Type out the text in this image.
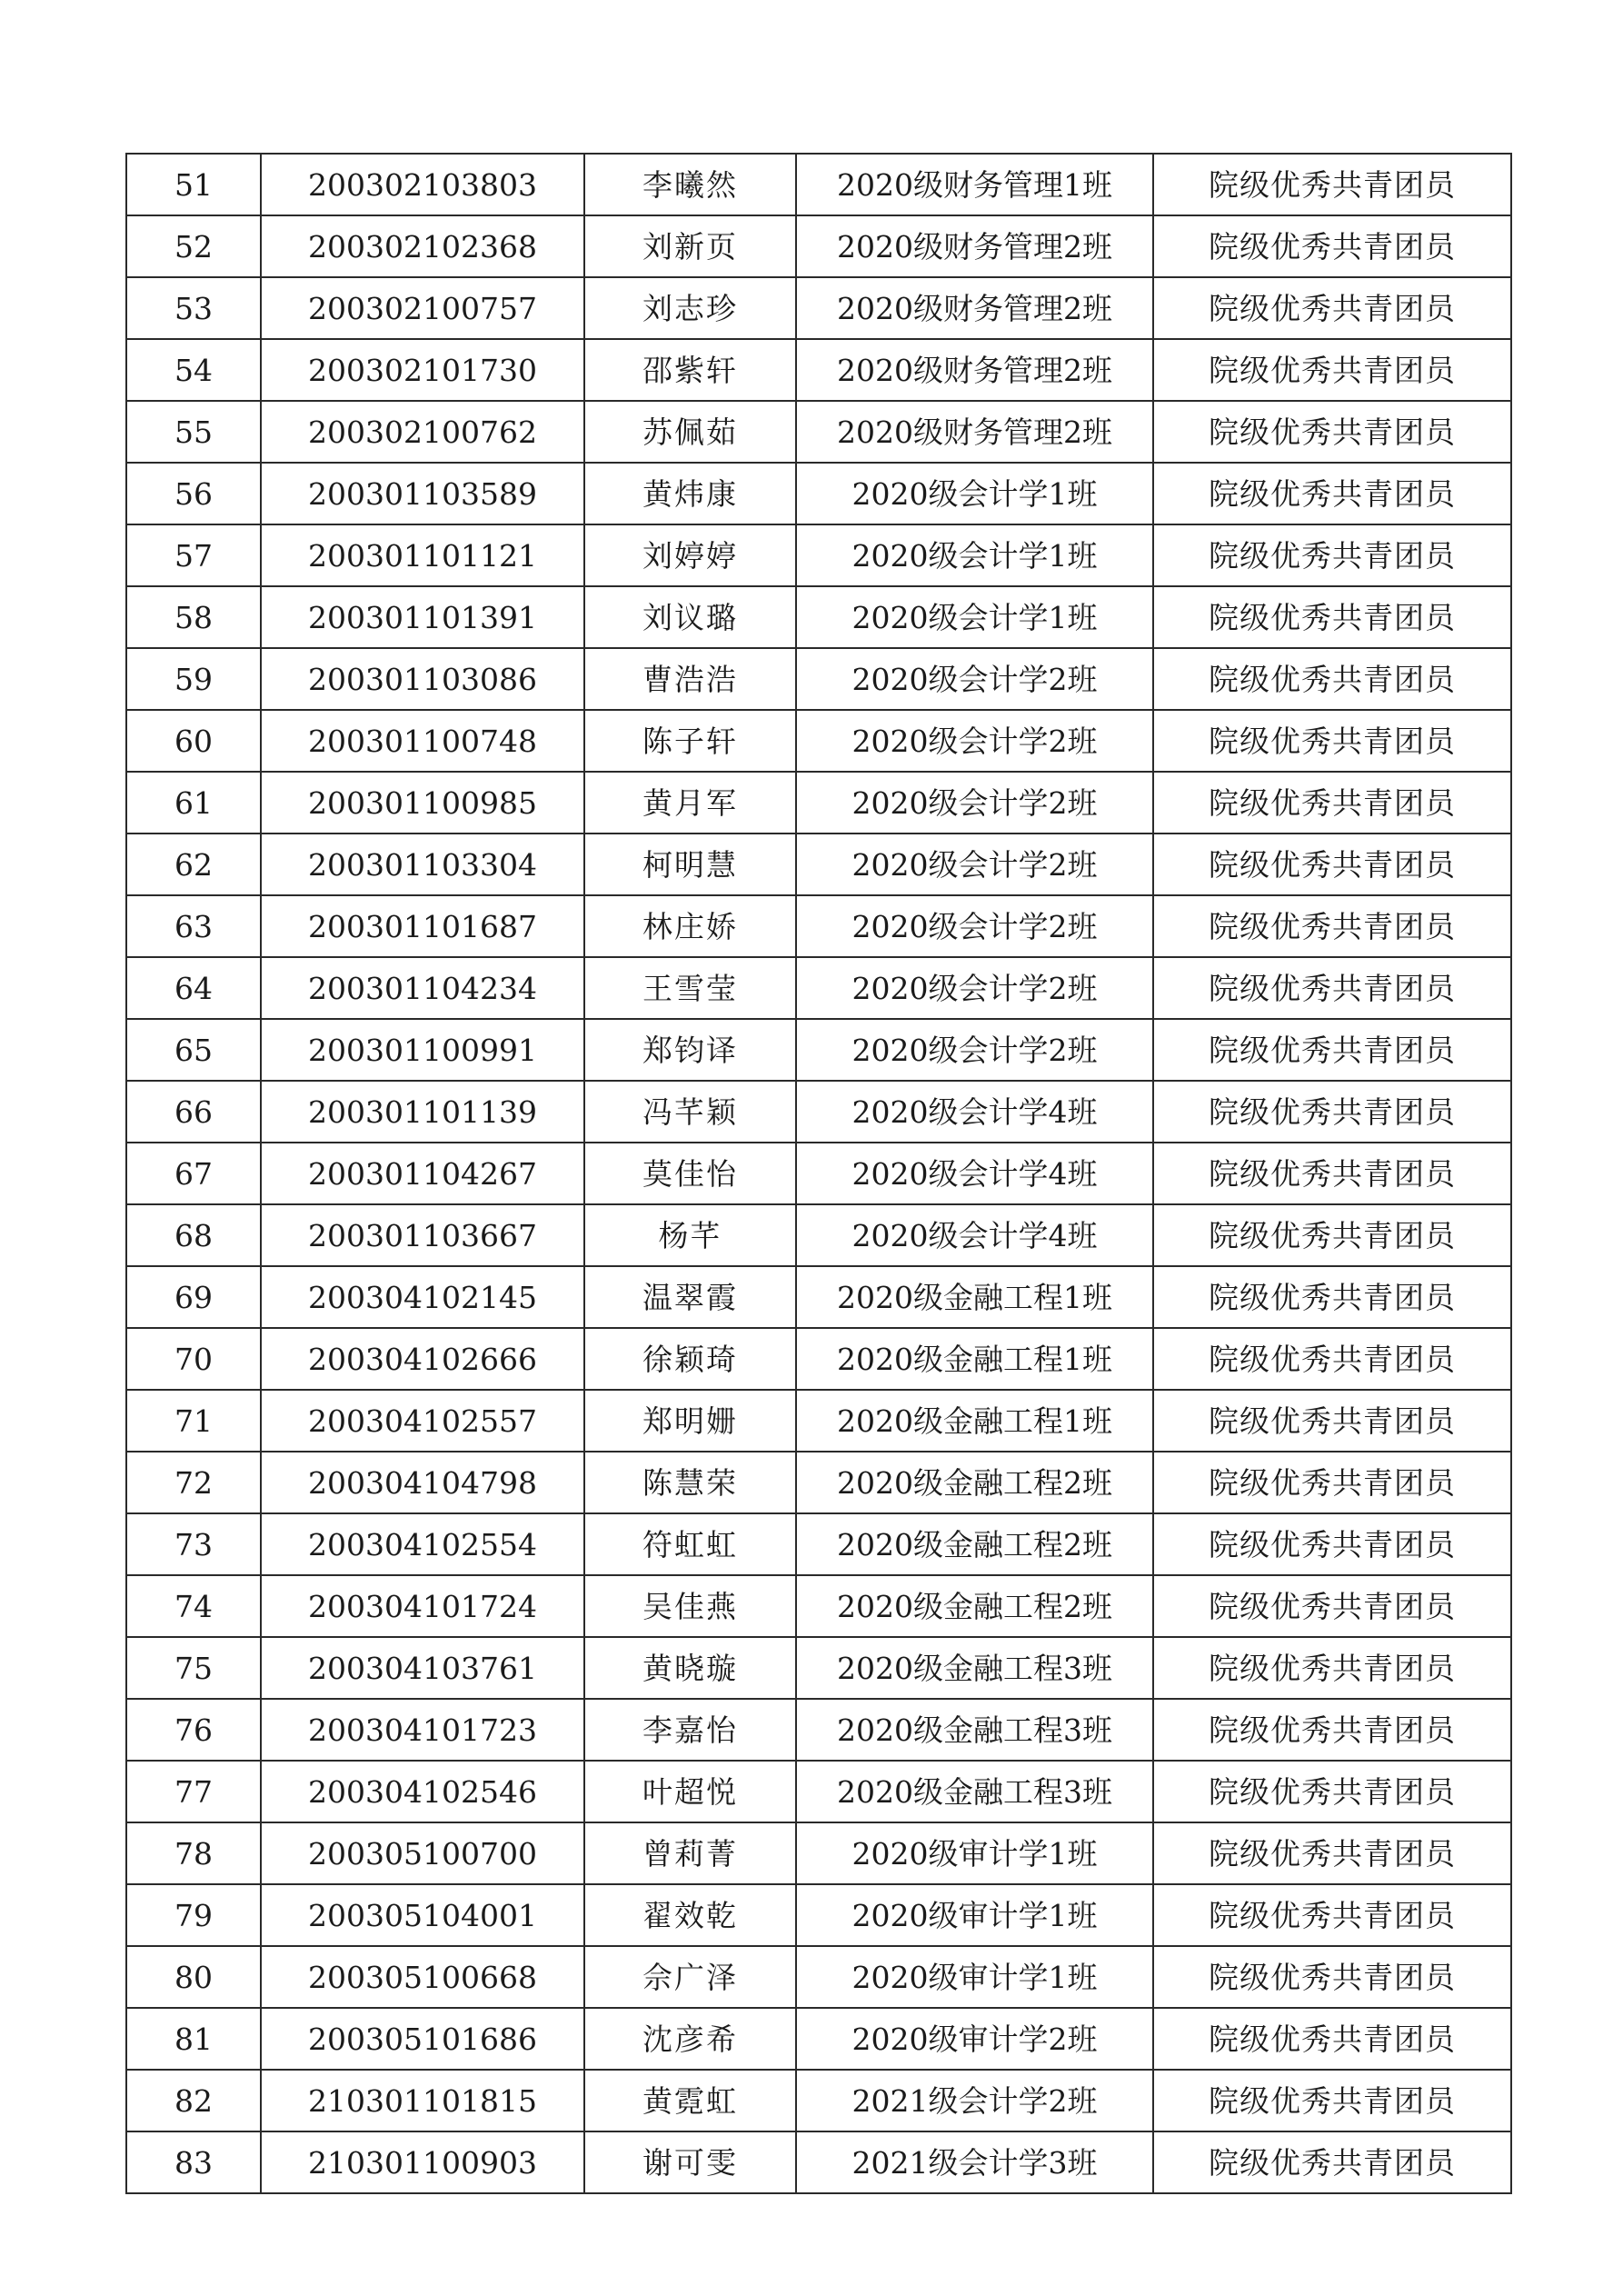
51	200302103803	李曦然	2020级财务管理1班	院级优秀共青团员
52	200302102368	刘新页	2020级财务管理2班	院级优秀共青团员
53	200302100757	刘志珍	2020级财务管理2班	院级优秀共青团员
54	200302101730	邵紫轩	2020级财务管理2班	院级优秀共青团员
55	200302100762	苏佩茹	2020级财务管理2班	院级优秀共青团员
56	200301103589	黄炜康	2020级会计学1班	院级优秀共青团员
57	200301101121	刘婷婷	2020级会计学1班	院级优秀共青团员
58	200301101391	刘议璐	2020级会计学1班	院级优秀共青团员
59	200301103086	曹浩浩	2020级会计学2班	院级优秀共青团员
60	200301100748	陈子轩	2020级会计学2班	院级优秀共青团员
61	200301100985	黄月军	2020级会计学2班	院级优秀共青团员
62	200301103304	柯明慧	2020级会计学2班	院级优秀共青团员
63	200301101687	林庄娇	2020级会计学2班	院级优秀共青团员
64	200301104234	王雪莹	2020级会计学2班	院级优秀共青团员
65	200301100991	郑钧译	2020级会计学2班	院级优秀共青团员
66	200301101139	冯芊颖	2020级会计学4班	院级优秀共青团员
67	200301104267	莫佳怡	2020级会计学4班	院级优秀共青团员
68	200301103667	杨芊	2020级会计学4班	院级优秀共青团员
69	200304102145	温翠霞	2020级金融工程1班	院级优秀共青团员
70	200304102666	徐颖琦	2020级金融工程1班	院级优秀共青团员
71	200304102557	郑明姗	2020级金融工程1班	院级优秀共青团员
72	200304104798	陈慧荣	2020级金融工程2班	院级优秀共青团员
73	200304102554	符虹虹	2020级金融工程2班	院级优秀共青团员
74	200304101724	吴佳燕	2020级金融工程2班	院级优秀共青团员
75	200304103761	黄晓璇	2020级金融工程3班	院级优秀共青团员
76	200304101723	李嘉怡	2020级金融工程3班	院级优秀共青团员
77	200304102546	叶超悦	2020级金融工程3班	院级优秀共青团员
78	200305100700	曾莉菁	2020级审计学1班	院级优秀共青团员
79	200305104001	翟效乾	2020级审计学1班	院级优秀共青团员
80	200305100668	佘广泽	2020级审计学1班	院级优秀共青团员
81	200305101686	沈彦希	2020级审计学2班	院级优秀共青团员
82	210301101815	黄霓虹	2021级会计学2班	院级优秀共青团员
83	210301100903	谢可雯	2021级会计学3班	院级优秀共青团员
